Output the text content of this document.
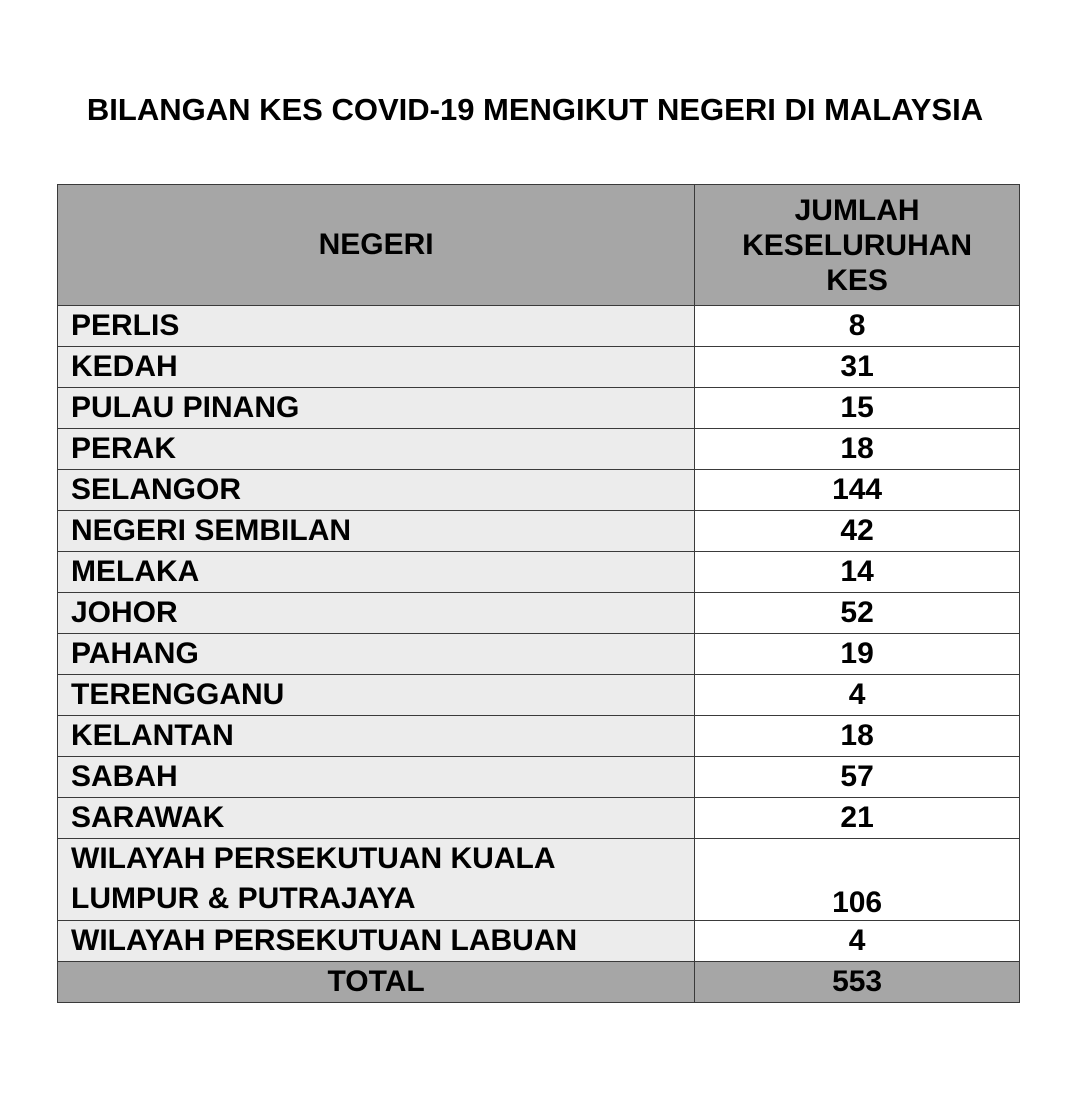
BILANGAN KES COVID-19 MENGIKUT NEGERI DI MALAYSIA
NEGERI	JUMLAH
KESELURUHAN
KES

PERLIS	8
KEDAH	31
PULAU PINANG	15
PERAK	18
SELANGOR	144
NEGERI SEMBILAN	42
MELAKA	14
JOHOR	52
PAHANG	19
TERENGGANU	4
KELANTAN	18
SABAH	57
SARAWAK	21

WILAYAH PERSEKUTUAN KUALA
LUMPUR & PUTRAJAYA	106
WILAYAH PERSEKUTUAN LABUAN	4
TOTAL	553
